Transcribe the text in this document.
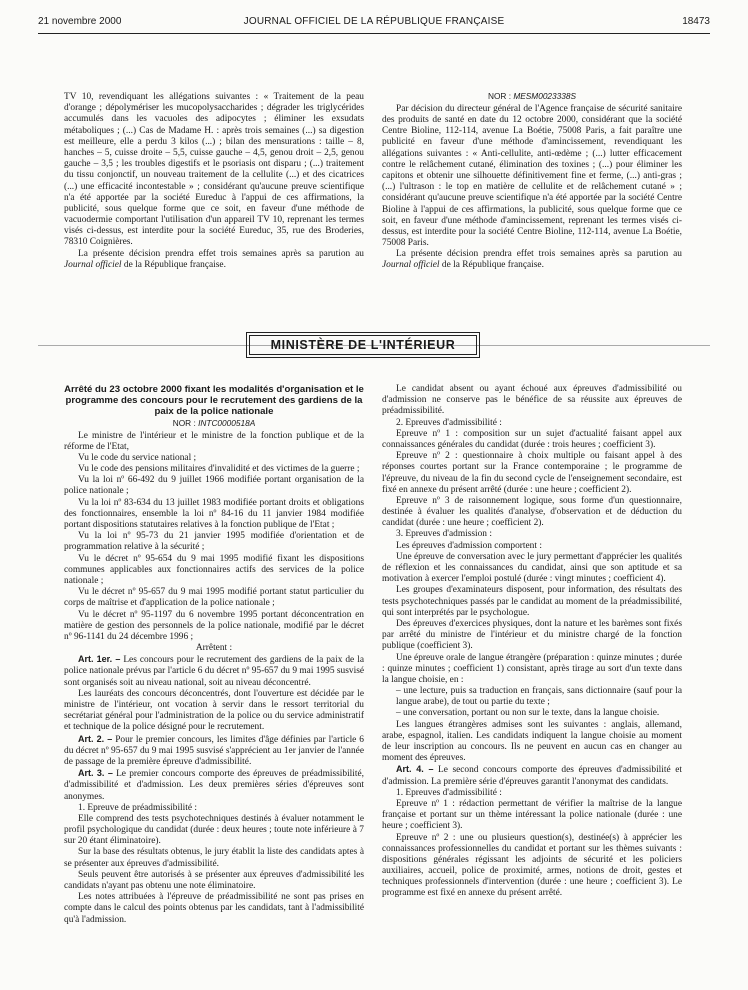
21 novembre 2000	JOURNAL OFFICIEL DE LA RÉPUBLIQUE FRANÇAISE	18473

TV 10, revendiquant les allégations suivantes : « Traitement de la peau d'orange ; dépolymériser les mucopolysaccharides ; dégrader les triglycérides accumulés dans les vacuoles des adipocytes ; éliminer les exsudats métaboliques ; (...) Cas de Madame H. : après trois semaines (...) sa digestion est meilleure, elle a perdu 3 kilos (...) ; bilan des mensurations : taille – 8, hanches – 5, cuisse droite – 5,5, cuisse gauche – 4,5, genou droit – 2,5, genou gauche – 3,5 ; les troubles digestifs et le psoriasis ont disparu ; (...) traitement du tissu conjonctif, un nouveau traitement de la cellulite (...) et des cicatrices (...) une efficacité incontestable » ; considérant qu'aucune preuve scientifique n'a été apportée par la société Eureduc à l'appui de ces affirmations, la publicité, sous quelque forme que ce soit, en faveur d'une méthode de vacuodermie comportant l'utilisation d'un appareil TV 10, reprenant les termes visés ci-dessus, est interdite pour la société Eureduc, 35, rue des Broderies, 78310 Coignières.

La présente décision prendra effet trois semaines après sa parution au Journal officiel de la République française.

NOR : MESM0023338S

Par décision du directeur général de l'Agence française de sécurité sanitaire des produits de santé en date du 12 octobre 2000, considérant que la société Centre Bioline, 112-114, avenue La Boétie, 75008 Paris, a fait paraître une publicité en faveur d'une méthode d'amincissement, revendiquant les allégations suivantes : « Anti-cellulite, anti-œdème ; (...) lutter efficacement contre le relâchement cutané, élimination des toxines ; (...) pour éliminer les capitons et obtenir une silhouette définitivement fine et ferme, (...) anti-gras ; (...) l'ultrason : le top en matière de cellulite et de relâchement cutané » ; considérant qu'aucune preuve scientifique n'a été apportée par la société Centre Bioline à l'appui de ces affirmations, la publicité, sous quelque forme que ce soit, en faveur d'une méthode d'amincissement, reprenant les termes visés ci-dessus, est interdite pour la société Centre Bioline, 112-114, avenue La Boétie, 75008 Paris.

La présente décision prendra effet trois semaines après sa parution au Journal officiel de la République française.

MINISTÈRE DE L'INTÉRIEUR
Arrêté du 23 octobre 2000 fixant les modalités d'organisation et le programme des concours pour le recrutement des gardiens de la paix de la police nationale
NOR : INTC0000518A

Le ministre de l'intérieur et le ministre de la fonction publique et de la réforme de l'Etat,

Vu le code du service national ;

Vu le code des pensions militaires d'invalidité et des victimes de la guerre ;

Vu la loi nº 66-492 du 9 juillet 1966 modifiée portant organisation de la police nationale ;

Vu la loi nº 83-634 du 13 juillet 1983 modifiée portant droits et obligations des fonctionnaires, ensemble la loi nº 84-16 du 11 janvier 1984 modifiée portant dispositions statutaires relatives à la fonction publique de l'Etat ;

Vu la loi nº 95-73 du 21 janvier 1995 modifiée d'orientation et de programmation relative à la sécurité ;

Vu le décret nº 95-654 du 9 mai 1995 modifié fixant les dispositions communes applicables aux fonctionnaires actifs des services de la police nationale ;

Vu le décret nº 95-657 du 9 mai 1995 modifié portant statut particulier du corps de maîtrise et d'application de la police nationale ;

Vu le décret nº 95-1197 du 6 novembre 1995 portant déconcentration en matière de gestion des personnels de la police nationale, modifié par le décret nº 96-1141 du 24 décembre 1996 ;

Arrêtent :

Art. 1er. – Les concours pour le recrutement des gardiens de la paix de la police nationale prévus par l'article 6 du décret nº 95-657 du 9 mai 1995 susvisé sont organisés soit au niveau national, soit au niveau déconcentré.

Les lauréats des concours déconcentrés, dont l'ouverture est décidée par le ministre de l'intérieur, ont vocation à servir dans le ressort territorial du secrétariat général pour l'administration de la police ou du service administratif et technique de la police désigné pour le recrutement.

Art. 2. – Pour le premier concours, les limites d'âge définies par l'article 6 du décret nº 95-657 du 9 mai 1995 susvisé s'apprécient au 1er janvier de l'année de passage de la première épreuve d'admissibilité.

Art. 3. – Le premier concours comporte des épreuves de préadmissibilité, d'admissibilité et d'admission. Les deux premières séries d'épreuves sont anonymes.

1. Epreuve de préadmissibilité :

Elle comprend des tests psychotechniques destinés à évaluer notamment le profil psychologique du candidat (durée : deux heures ; toute note inférieure à 7 sur 20 étant éliminatoire).

Sur la base des résultats obtenus, le jury établit la liste des candidats aptes à se présenter aux épreuves d'admissibilité.

Seuls peuvent être autorisés à se présenter aux épreuves d'admissibilité les candidats n'ayant pas obtenu une note éliminatoire.

Les notes attribuées à l'épreuve de préadmissibilité ne sont pas prises en compte dans le calcul des points obtenus par les candidats, tant à l'admissibilité qu'à l'admission.

Le candidat absent ou ayant échoué aux épreuves d'admissibilité ou d'admission ne conserve pas le bénéfice de sa réussite aux épreuves de préadmissibilité.

2. Epreuves d'admissibilité :

Epreuve nº 1 : composition sur un sujet d'actualité faisant appel aux connaissances générales du candidat (durée : trois heures ; coefficient 3).

Epreuve nº 2 : questionnaire à choix multiple ou faisant appel à des réponses courtes portant sur la France contemporaine ; le programme de l'épreuve, du niveau de la fin du second cycle de l'enseignement secondaire, est fixé en annexe du présent arrêté (durée : une heure ; coefficient 2).

Epreuve nº 3 de raisonnement logique, sous forme d'un questionnaire, destinée à évaluer les qualités d'analyse, d'observation et de déduction du candidat (durée : une heure ; coefficient 2).

3. Epreuves d'admission :

Les épreuves d'admission comportent :

Une épreuve de conversation avec le jury permettant d'apprécier les qualités de réflexion et les connaissances du candidat, ainsi que son aptitude et sa motivation à exercer l'emploi postulé (durée : vingt minutes ; coefficient 4).

Les groupes d'examinateurs disposent, pour information, des résultats des tests psychotechniques passés par le candidat au moment de la préadmissibilité, qui sont interprétés par le psychologue.

Des épreuves d'exercices physiques, dont la nature et les barèmes sont fixés par arrêté du ministre de l'intérieur et du ministre chargé de la fonction publique (coefficient 3).

Une épreuve orale de langue étrangère (préparation : quinze minutes ; durée : quinze minutes ; coefficient 1) consistant, après tirage au sort d'un texte dans la langue choisie, en :

– une lecture, puis sa traduction en français, sans dictionnaire (sauf pour la langue arabe), de tout ou partie du texte ;

– une conversation, portant ou non sur le texte, dans la langue choisie.

Les langues étrangères admises sont les suivantes : anglais, allemand, arabe, espagnol, italien. Les candidats indiquent la langue choisie au moment de leur inscription au concours. Ils ne peuvent en aucun cas en changer au moment des épreuves.

Art. 4. – Le second concours comporte des épreuves d'admissibilité et d'admission. La première série d'épreuves garantit l'anonymat des candidats.

1. Epreuves d'admissibilité :

Epreuve nº 1 : rédaction permettant de vérifier la maîtrise de la langue française et portant sur un thème intéressant la police nationale (durée : une heure ; coefficient 3).

Epreuve nº 2 : une ou plusieurs question(s), destinée(s) à apprécier les connaissances professionnelles du candidat et portant sur les thèmes suivants : dispositions générales régissant les adjoints de sécurité et les policiers auxiliaires, accueil, police de proximité, armes, notions de droit, gestes et techniques professionnels d'intervention (durée : une heure ; coefficient 3). Le programme est fixé en annexe du présent arrêté.
